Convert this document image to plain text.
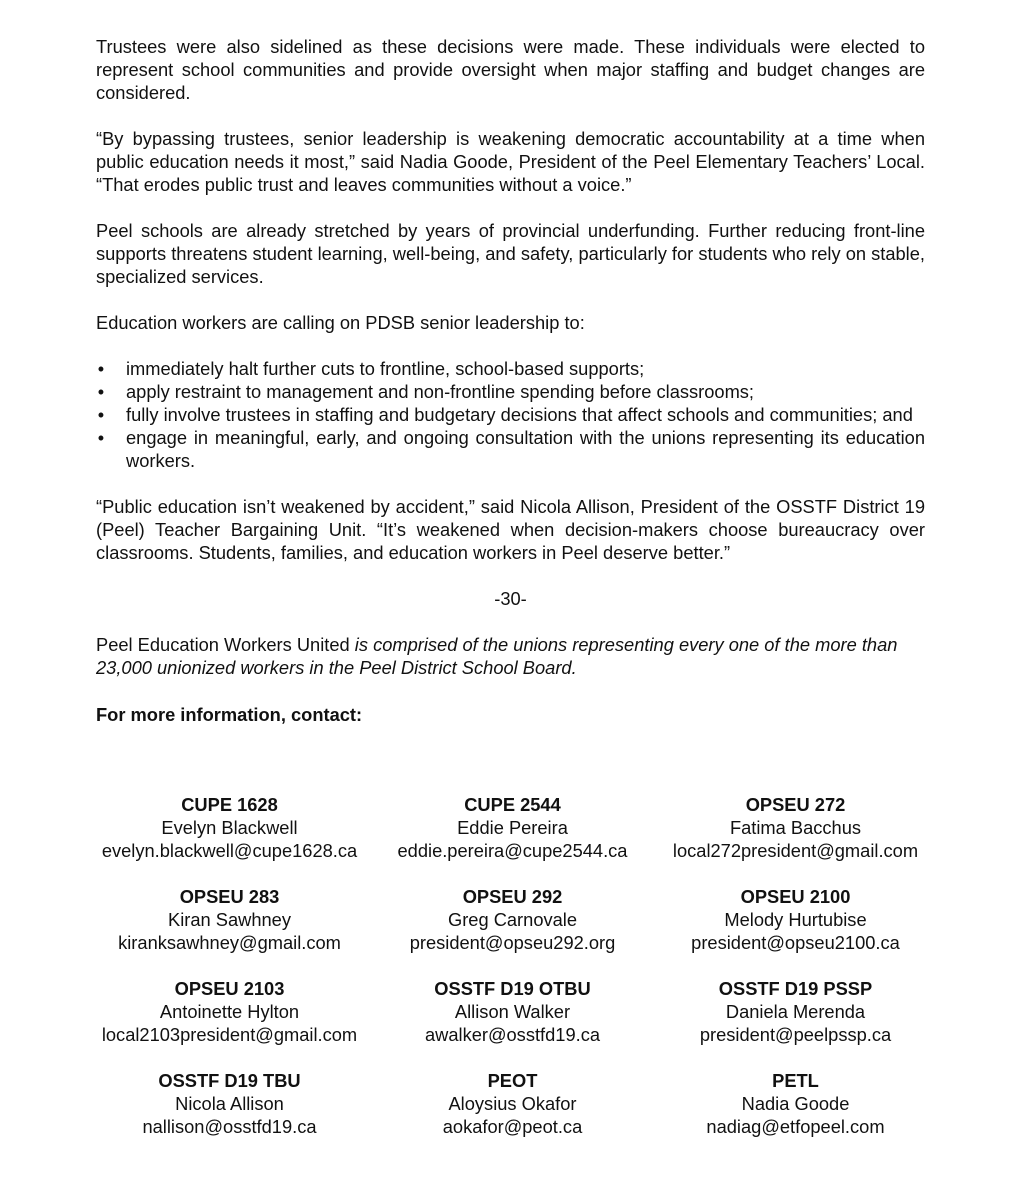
Trustees were also sidelined as these decisions were made. These individuals were elected to represent school communities and provide oversight when major staffing and budget changes are considered.

“By bypassing trustees, senior leadership is weakening democratic accountability at a time when public education needs it most,” said Nadia Goode, President of the Peel Elementary Teachers’ Local. “That erodes public trust and leaves communities without a voice.”

Peel schools are already stretched by years of provincial underfunding. Further reducing front-line supports threatens student learning, well-being, and safety, particularly for students who rely on stable, specialized services.

Education workers are calling on PDSB senior leadership to:

• immediately halt further cuts to frontline, school-based supports;
• apply restraint to management and non-frontline spending before classrooms;
• fully involve trustees in staffing and budgetary decisions that affect schools and communities; and
• engage in meaningful, early, and ongoing consultation with the unions representing its education workers.

“Public education isn’t weakened by accident,” said Nicola Allison, President of the OSSTF District 19 (Peel) Teacher Bargaining Unit. “It’s weakened when decision-makers choose bureaucracy over classrooms. Students, families, and education workers in Peel deserve better.”

-30-
Peel Education Workers United is comprised of the unions representing every one of the more than 23,000 unionized workers in the Peel District School Board.
For more information, contact:
CUPE 1628
Evelyn Blackwell
evelyn.blackwell@cupe1628.ca
CUPE 2544
Eddie Pereira
eddie.pereira@cupe2544.ca
OPSEU 272
Fatima Bacchus
local272president@gmail.com
OPSEU 283
Kiran Sawhney
kiranksawhney@gmail.com
OPSEU 292
Greg Carnovale
president@opseu292.org
OPSEU 2100
Melody Hurtubise
president@opseu2100.ca
OPSEU 2103
Antoinette Hylton
local2103president@gmail.com
OSSTF D19 OTBU
Allison Walker
awalker@osstfd19.ca
OSSTF D19 PSSP
Daniela Merenda
president@peelpssp.ca
OSSTF D19 TBU
Nicola Allison
nallison@osstfd19.ca
PEOT
Aloysius Okafor
aokafor@peot.ca
PETL
Nadia Goode
nadiag@etfopeel.com
